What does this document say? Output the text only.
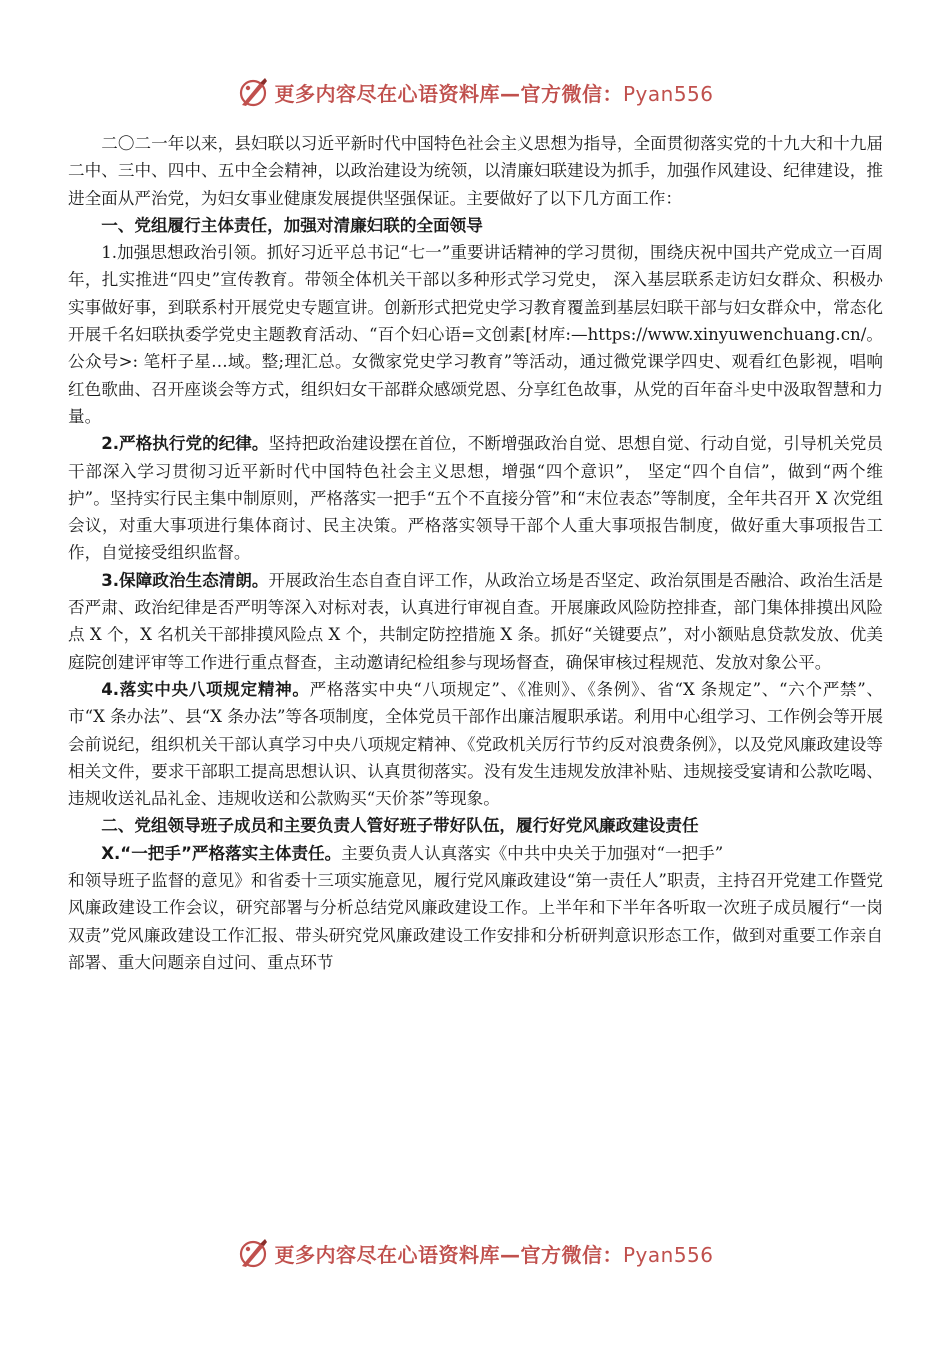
更多内容尽在心语资料库—官方微信：Pyan556

二〇二一年以来，县妇联以习近平新时代中国特色社会主义思想为指导，全面贯彻落实党的十九大和十九届二中、三中、四中、五中全会精神，以政治建设为统领，以清廉妇联建设为抓手，加强作风建设、纪律建设，推进全面从严治党，为妇女事业健康发展提供坚强保证。主要做好了以下几方面工作：

一、党组履行主体责任，加强对清廉妇联的全面领导

1.加强思想政治引领。抓好习近平总书记“七一”重要讲话精神的学习贯彻，围绕庆祝中国共产党成立一百周年，扎实推进“四史”宣传教育。带领全体机关干部以多种形式学习党史， 深入基层联系走访妇女群众、积极办实事做好事，到联系村开展党史专题宣讲。创新形式把党史学习教育覆盖到基层妇联干部与妇女群众中，常态化开展千名妇联执委学党史主题教育活动、“百个妇心语=文创素[材库:—https://www.xinyuwenchuang.cn/。公众号>: 笔杆子星…域。整;理汇总。女微家党史学习教育”等活动，通过微党课学四史、观看红色影视，唱响红色歌曲、召开座谈会等方式，组织妇女干部群众感颂党恩、分享红色故事，从党的百年奋斗史中汲取智慧和力量。

2.严格执行党的纪律。坚持把政治建设摆在首位，不断增强政治自觉、思想自觉、行动自觉，引导机关党员干部深入学习贯彻习近平新时代中国特色社会主义思想，增强“四个意识”， 坚定“四个自信”，做到“两个维护”。坚持实行民主集中制原则，严格落实一把手“五个不直接分管”和“末位表态”等制度，全年共召开 X 次党组会议，对重大事项进行集体商讨、民主决策。严格落实领导干部个人重大事项报告制度，做好重大事项报告工作，自觉接受组织监督。

3.保障政治生态清朗。开展政治生态自查自评工作，从政治立场是否坚定、政治氛围是否融洽、政治生活是否严肃、政治纪律是否严明等深入对标对表，认真进行审视自查。开展廉政风险防控排查，部门集体排摸出风险点 X 个，X 名机关干部排摸风险点 X 个，共制定防控措施 X 条。抓好“关键要点”，对小额贴息贷款发放、优美庭院创建评审等工作进行重点督查，主动邀请纪检组参与现场督查，确保审核过程规范、发放对象公平。

4.落实中央八项规定精神。严格落实中央“八项规定”、《准则》、《条例》、省“X 条规定”、“六个严禁”、市“X 条办法”、县“X 条办法”等各项制度，全体党员干部作出廉洁履职承诺。利用中心组学习、工作例会等开展会前说纪，组织机关干部认真学习中央八项规定精神、《党政机关厉行节约反对浪费条例》，以及党风廉政建设等相关文件，要求干部职工提高思想认识、认真贯彻落实。没有发生违规发放津补贴、违规接受宴请和公款吃喝、违规收送礼品礼金、违规收送和公款购买“天价茶”等现象。

二、党组领导班子成员和主要负责人管好班子带好队伍，履行好党风廉政建设责任

X.“一把手”严格落实主体责任。主要负责人认真落实《中共中央关于加强对“一把手”

和领导班子监督的意见》和省委十三项实施意见，履行党风廉政建设“第一责任人”职责，主持召开党建工作暨党风廉政建设工作会议，研究部署与分析总结党风廉政建设工作。上半年和下半年各听取一次班子成员履行“一岗双责”党风廉政建设工作汇报、带头研究党风廉政建设工作安排和分析研判意识形态工作，做到对重要工作亲自部署、重大问题亲自过问、重点环节

更多内容尽在心语资料库—官方微信：Pyan556
